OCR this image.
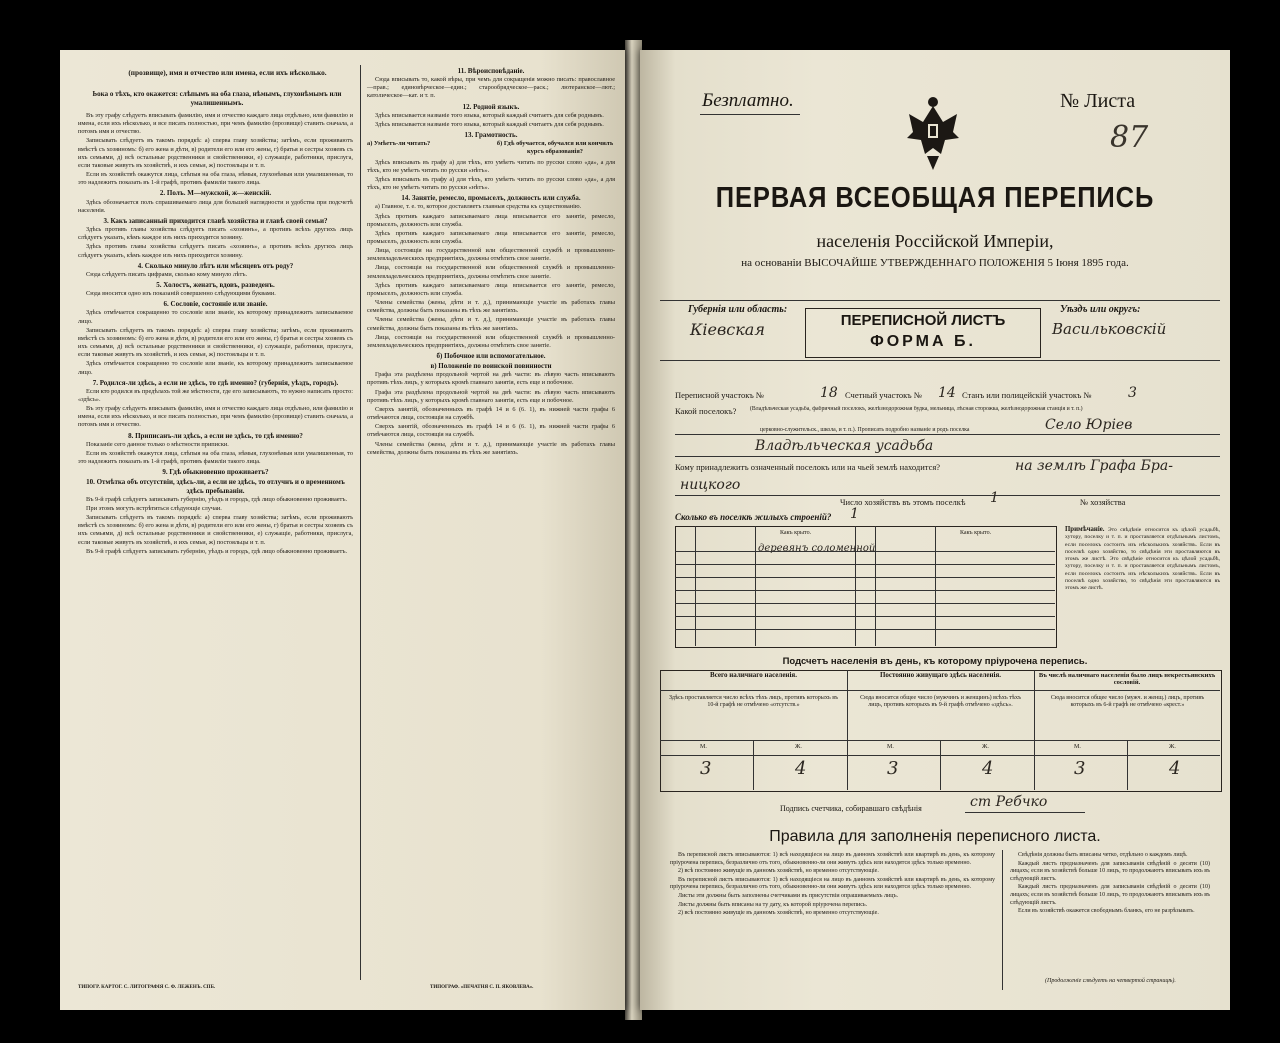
(прозвище), имя и отчество или имена, если ихъ нѣсколько.
Ьока о тѣхъ, кто окажется: слѣпымъ на оба глаза, нѣмымъ, глухонѣмымъ или умалишеннымъ.

Въ эту графу слѣдуетъ вписывать фамилiю, имя и отчество каждаго лица отдѣльно, или фамилiю и имена, если ихъ нѣсколько, и все писать полностью, при чемъ фамилiю (прозвище) ставить сначала, а потомъ имя и отчество.

Записывать слѣдуетъ въ такомъ порядкѣ: а) сперва главу хозяйства; затѣмъ, если проживаютъ вмѣстѣ съ хозяиномъ: б) его жена и дѣти, в) родители его или его жены, г) братья и сестры хозяевъ съ ихъ семьями, д) всѣ остальные родственники и свойственники, е) служащiе, работники, прислуга, если таковые живутъ въ хозяйствѣ, и ихъ семьи, ж) постояльцы и т. п.

Если въ хозяйствѣ окажутся лица, слѣпыя на оба глаза, нѣмыя, глухонѣмыя или умалишенныя, то это надлежитъ показать въ 1-й графѣ, противъ фамилiи такого лица.

2. Полъ. М—мужской, ж—женскiй.

Здѣсь обозначается полъ спрашиваемаго лица для большей наглядности и удобства при подсчетѣ населенiя.

3. Какъ записанный приходится главѣ хозяйства и главѣ своей семьи?

Здѣсь противъ главы хозяйства слѣдуетъ писать «хозяинъ», а противъ всѣхъ другихъ лицъ слѣдуетъ указать, кѣмъ каждое изъ нихъ приходится хозяину.

Здѣсь противъ главы хозяйства слѣдуетъ писать «хозяинъ», а противъ всѣхъ другихъ лицъ слѣдуетъ указать, кѣмъ каждое изъ нихъ приходится хозяину.

4. Сколько минуло лѣтъ или мѣсяцевъ отъ роду?

Сюда слѣдуетъ писать цифрами, сколько кому минуло лѣтъ.

5. Холостъ, женатъ, вдовъ, разведенъ.

Сюда вносится одно изъ показанiй совершенно слѣдующими буквами.

6. Сословiе, состоянiе или званiе.

Здѣсь отмѣчается сокращенно то сословiе или званiе, къ которому принадлежитъ записываемое лицо.

Записывать слѣдуетъ въ такомъ порядкѣ: а) сперва главу хозяйства; затѣмъ, если проживаютъ вмѣстѣ съ хозяиномъ: б) его жена и дѣти, в) родители его или его жены, г) братья и сестры хозяевъ съ ихъ семьями, д) всѣ остальные родственники и свойственники, е) служащiе, работники, прислуга, если таковые живутъ въ хозяйствѣ, и ихъ семьи, ж) постояльцы и т. п.

Здѣсь отмѣчается сокращенно то сословiе или званiе, къ которому принадлежитъ записываемое лицо.

7. Родился-ли здѣсь, а если не здѣсь, то гдѣ именно? (губернiя, уѣздъ, городъ).

Если кто родился въ предѣлахъ той же мѣстности, где его записываютъ, то нужно написать просто: «здѣсь».

Въ эту графу слѣдуетъ вписывать фамилiю, имя и отчество каждаго лица отдѣльно, или фамилiю и имена, если ихъ нѣсколько, и все писать полностью, при чемъ фамилiю (прозвище) ставить сначала, а потомъ имя и отчество.

8. Приписанъ-ли здѣсь, а если не здѣсь, то гдѣ именно?

Показанiе сего данное только о мѣстности приписки.

Если въ хозяйствѣ окажутся лица, слѣпыя на оба глаза, нѣмыя, глухонѣмыя или умалишенныя, то это надлежитъ показать въ 1-й графѣ, противъ фамилiи такого лица.

9. Гдѣ обыкновенно проживаетъ?
10. Отмѣтка объ отсутствiи, здѣсь-ли, а если не здѣсь, то отлучнъ и о временномъ здѣсь пребыванiи.

Въ 9-й графѣ слѣдуетъ записывать губернiю, уѣздъ и городъ, гдѣ лицо обыкновенно проживаетъ.

При этомъ могутъ встрѣтиться слѣдующiе случаи.

Записывать слѣдуетъ въ такомъ порядкѣ: а) сперва главу хозяйства; затѣмъ, если проживаютъ вмѣстѣ съ хозяиномъ: б) его жена и дѣти, в) родители его или его жены, г) братья и сестры хозяевъ съ ихъ семьями, д) всѣ остальные родственники и свойственники, е) служащiе, работники, прислуга, если таковые живутъ въ хозяйствѣ, и ихъ семьи, ж) постояльцы и т. п.

Въ 9-й графѣ слѣдуетъ записывать губернiю, уѣздъ и городъ, гдѣ лицо обыкновенно проживаетъ.

11. Вѣроисповѣданiе.

Сюда вписывать то, какой вѣры, при чемъ для сокращенiя можно писать: православное—прав.; единовѣрческое—един.; старообрядческое—раск.; лютеранское—лют.; католическое—кат. и т. п.

12. Родной языкъ.

Здѣсь вписывается названiе того языка, который каждый считаетъ для себя роднымъ.

Здѣсь вписывается названiе того языка, который каждый считаетъ для себя роднымъ.

13. Грамотность.
а) Умѣетъ-ли читать?	б) Гдѣ обучается, обучался или кончилъ курсъ образованiя?

Здѣсь вписывать въ графу а) для тѣхъ, кто умѣетъ читать по русски слово «да», а для тѣхъ, кто не умѣетъ читать по русски «нѣтъ».

Здѣсь вписывать въ графу а) для тѣхъ, кто умѣетъ читать по русски слово «да», а для тѣхъ, кто не умѣетъ читать по русски «нѣтъ».

14. Занятiе, ремесло, промыселъ, должность или служба.

а) Главное, т. е. то, которое доставляетъ главныя средства къ существованiю.

Здѣсь противъ каждаго записываемаго лица вписывается его занятiе, ремесло, промыселъ, должность или служба.

Здѣсь противъ каждаго записываемаго лица вписывается его занятiе, ремесло, промыселъ, должность или служба.

Лица, состоящiя на государственной или общественной службѣ и промышленно-землевладельческихъ предприятiяхъ, должны отмѣтить свое занятiе.

Лица, состоящiя на государственной или общественной службѣ и промышленно-землевладельческихъ предприятiяхъ, должны отмѣтить свое занятiе.

Здѣсь противъ каждаго записываемаго лица вписывается его занятiе, ремесло, промыселъ, должность или служба.

Члены семейства (жены, дѣти и т. д.), принимающiе участiе въ работахъ главы семейства, должны быть показаны въ тѣхъ же занятiяхъ.

Члены семейства (жены, дѣти и т. д.), принимающiе участiе въ работахъ главы семейства, должны быть показаны въ тѣхъ же занятiяхъ.

Лица, состоящiя на государственной или общественной службѣ и промышленно-землевладельческихъ предприятiяхъ, должны отмѣтить свое занятiе.

б) Побочное или вспомогательное.
в) Положенiе по воинской повинности

Графа эта раздѣлена продольной чертой на двѣ части: въ лѣвую часть вписываютъ противъ тѣхъ лицъ, у которыхъ кромѣ главнаго занятiя, есть еще и побочное.

Графа эта раздѣлена продольной чертой на двѣ части: въ лѣвую часть вписываютъ противъ тѣхъ лицъ, у которыхъ кромѣ главнаго занятiя, есть еще и побочное.

Сверхъ занятiй, обозначенныхъ въ графѣ 14 и 6 (6. 1), въ нижней части графы 6 отмѣчаются лица, состоящiя на службѣ.

Сверхъ занятiй, обозначенныхъ въ графѣ 14 и 6 (6. 1), въ нижней части графы 6 отмѣчаются лица, состоящiя на службѣ.

Члены семейства (жены, дѣти и т. д.), принимающiе участiе въ работахъ главы семейства, должны быть показаны въ тѣхъ же занятiяхъ.

ТИПОГР. КАРТОГ. С. ЛИТОГРАФIЯ С. Ф. ЛЕЖЕНЪ. СПБ.	ТИПОГРАФ. «ПЕЧАТНЯ С. П. ЯКОВЛЕВА».
Безплатно.	№ Листа
87
ПЕРВАЯ ВСЕОБЩАЯ ПЕРЕПИСЬ
населенiя Россiйской Имперiи,
на основанiи ВЫСОЧАЙШЕ УТВЕРЖДЕННАГО ПОЛОЖЕНIЯ 5 Iюня 1895 года.
Губернiя или область:
Кiевская	ПЕРЕПИСНОЙ ЛИСТЪ
ФОРМА Б.
Уѣздъ или округъ:
Васильковскiй
Переписной участокъ №	18 Счетный участокъ № 14 Станъ или полицейскiй участокъ №	3
Какой поселокъ? (Владѣльческая усадьба, фабричный поселокъ, желѣзнодорожная будка, мельница, лѣсная сторожка, желѣзнодорожная станцiя и т. п.)
церковно-служительск., школа, и т. п.). Прописать подробно названiе и родъ поселка	Село Юрiев
Владѣльческая усадьба
Кому принадлежитъ означенный поселокъ или на чьей землѣ находится?	на землѣ Графа Бра-
ницкого
Число хозяйствъ въ этомъ поселкѣ 1	№ хозяйства
Сколько въ поселкѣ жилыхъ строенiй? 1
Какъ крыто.	Какъ крыто.
деревянъ соломенной
Примѣчанiе. Это свѣдѣнiе относится къ цѣлой усадьбѣ, хутору, поселку и т. п. и проставляется отдѣльнымъ листомъ, если поселокъ состоитъ изъ нѣсколькихъ хозяйствъ. Если въ поселкѣ одно хозяйство, то свѣдѣнiя эти проставляются въ этомъ же листѣ. Это свѣдѣнiе относится къ цѣлой усадьбѣ, хутору, поселку и т. п. и проставляется отдѣльнымъ листомъ, если поселокъ состоитъ изъ нѣсколькихъ хозяйствъ. Если въ поселкѣ одно хозяйство, то свѣдѣнiя эти проставляются въ этомъ же листѣ.
Подсчетъ населенiя въ день, къ которому прiурочена перепись.
Всего наличнаго населенiя.	Постоянно живущаго здѣсь населенiя.	Въ числѣ наличнаго населенiя было лицъ некрестьянскихъ сословiй.
Здѣсь проставляется число всѣхъ тѣхъ лицъ, противъ которыхъ въ 10-й графѣ не отмѣчено «отсутств.»
Сюда вносится общее число (мужчинъ и женщинъ) всѣхъ тѣхъ лицъ, противъ которыхъ въ 9-й графѣ отмѣчено «здѣсь».
Сюда вносится общее число (мужч. и женщ.) лицъ, противъ которыхъ въ 6-й графѣ не отмѣчено «крест.»
М.	Ж.	М.	Ж.	М.	Ж.
3	4	3	4	3	4
Подпись счетчика, собиравшаго свѣдѣнiя	ст Ребчко
Правила для заполненiя переписного листа.

Въ переписной листъ вписываются: 1) всѣ находящiеся на лицо въ данномъ хозяйствѣ или квартирѣ въ день, къ которому прiурочена перепись, безразлично отъ того, обыкновенно-ли они живутъ здѣсь или находятся здѣсь только временно.

2) всѣ постоянно живущiе въ данномъ хозяйствѣ, но временно отсутствующiе.

Въ переписной листъ вписываются: 1) всѣ находящiеся на лицо въ данномъ хозяйствѣ или квартирѣ въ день, къ которому прiурочена перепись, безразлично отъ того, обыкновенно-ли они живутъ здѣсь или находятся здѣсь только временно.

Листы эти должны быть заполнены счетчиками въ присутствiи опрашиваемыхъ лицъ.

Листы должны быть вписаны на ту дату, къ которой пріурочена перепись.

2) всѣ постоянно живущiе въ данномъ хозяйствѣ, но временно отсутствующiе.

Свѣдѣнiя должны быть вписаны четко, отдѣльно о каждомъ лицѣ.

Каждый листъ предназначенъ для записыванiя свѣдѣнiй о десяти (10) лицахъ; если въ хозяйствѣ больше 10 лицъ, то продолжаютъ вписывать ихъ въ слѣдующiй листъ.

Каждый листъ предназначенъ для записыванiя свѣдѣнiй о десяти (10) лицахъ; если въ хозяйствѣ больше 10 лицъ, то продолжаютъ вписывать ихъ въ слѣдующiй листъ.

Если въ хозяйствѣ окажется свободнымъ бланкъ, его не разрѣзывать.

(Продолженiе слѣдуетъ на четвертой страницѣ).
